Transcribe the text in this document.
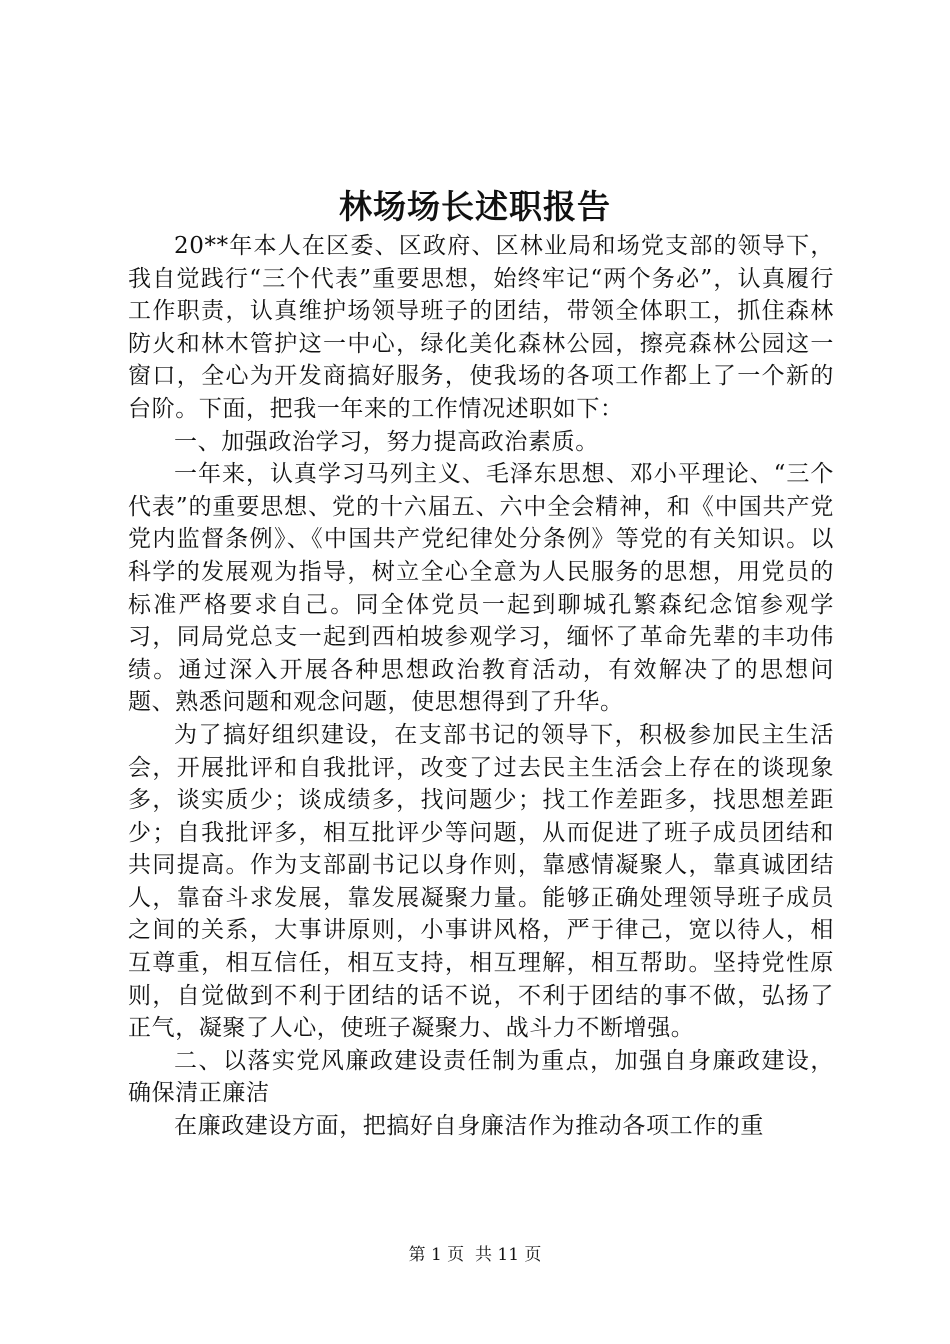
林场场长述职报告

20**年本人在区委、区政府、区林业局和场党支部的领导下，我自觉践行“三个代表”重要思想，始终牢记“两个务必”，认真履行工作职责，认真维护场领导班子的团结，带领全体职工，抓住森林防火和林木管护这一中心，绿化美化森林公园，擦亮森林公园这一窗口，全心为开发商搞好服务，使我场的各项工作都上了一个新的台阶。下面，把我一年来的工作情况述职如下：

一、加强政治学习，努力提高政治素质。

一年来，认真学习马列主义、毛泽东思想、邓小平理论、“三个代表”的重要思想、党的十六届五、六中全会精神，和《中国共产党党内监督条例》、《中国共产党纪律处分条例》等党的有关知识。以科学的发展观为指导，树立全心全意为人民服务的思想，用党员的标准严格要求自己。同全体党员一起到聊城孔繁森纪念馆参观学习，同局党总支一起到西柏坡参观学习，缅怀了革命先辈的丰功伟绩。通过深入开展各种思想政治教育活动，有效解决了的思想问题、熟悉问题和观念问题，使思想得到了升华。

为了搞好组织建设，在支部书记的领导下，积极参加民主生活会，开展批评和自我批评，改变了过去民主生活会上存在的谈现象多，谈实质少；谈成绩多，找问题少；找工作差距多，找思想差距少；自我批评多，相互批评少等问题，从而促进了班子成员团结和共同提高。作为支部副书记以身作则，靠感情凝聚人，靠真诚团结人，靠奋斗求发展，靠发展凝聚力量。能够正确处理领导班子成员之间的关系，大事讲原则，小事讲风格，严于律己，宽以待人，相互尊重，相互信任，相互支持，相互理解，相互帮助。坚持党性原则，自觉做到不利于团结的话不说，不利于团结的事不做，弘扬了正气，凝聚了人心，使班子凝聚力、战斗力不断增强。

二、以落实党风廉政建设责任制为重点，加强自身廉政建设，确保清正廉洁

在廉政建设方面，把搞好自身廉洁作为推动各项工作的重

第 1 页 共 11 页
